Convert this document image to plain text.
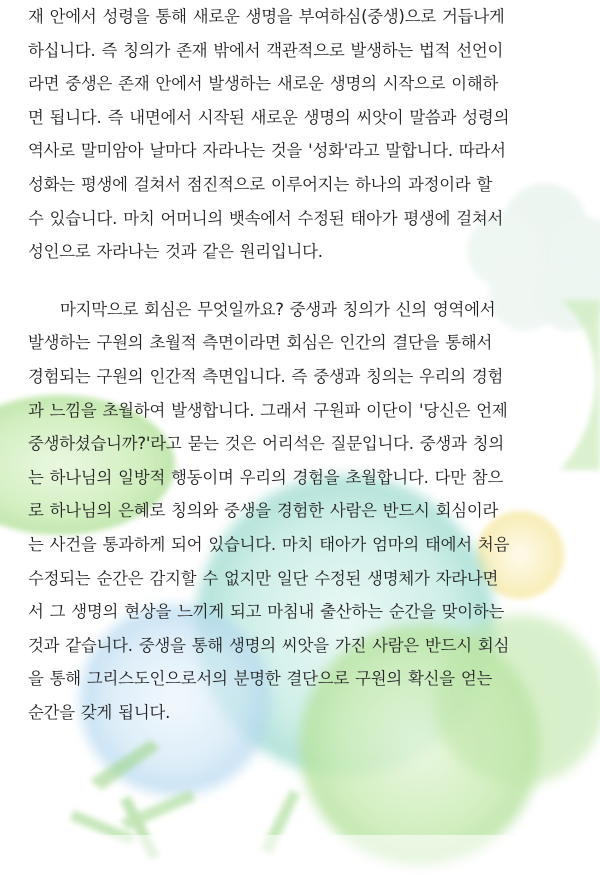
재 안에서 성령을 통해 새로운 생명을 부여하심(중생)으로 거듭나게
하십니다. 즉 칭의가 존재 밖에서 객관적으로 발생하는 법적 선언이
라면 중생은 존재 안에서 발생하는 새로운 생명의 시작으로 이해하
면 됩니다. 즉 내면에서 시작된 새로운 생명의 씨앗이 말씀과 성령의
역사로 말미암아 날마다 자라나는 것을 '성화'라고 말합니다. 따라서
성화는 평생에 걸쳐서 점진적으로 이루어지는 하나의 과정이라 할
수 있습니다. 마치 어머니의 뱃속에서 수정된 태아가 평생에 걸쳐서
성인으로 자라나는 것과 같은 원리입니다.
마지막으로 회심은 무엇일까요? 중생과 칭의가 신의 영역에서
발생하는 구원의 초월적 측면이라면 회심은 인간의 결단을 통해서
경험되는 구원의 인간적 측면입니다. 즉 중생과 칭의는 우리의 경험
과 느낌을 초월하여 발생합니다. 그래서 구원파 이단이 '당신은 언제
중생하셨습니까?'라고 묻는 것은 어리석은 질문입니다. 중생과 칭의
는 하나님의 일방적 행동이며 우리의 경험을 초월합니다. 다만 참으
로 하나님의 은혜로 칭의와 중생을 경험한 사람은 반드시 회심이라
는 사건을 통과하게 되어 있습니다. 마치 태아가 엄마의 태에서 처음
수정되는 순간은 감지할 수 없지만 일단 수정된 생명체가 자라나면
서 그 생명의 현상을 느끼게 되고 마침내 출산하는 순간을 맞이하는
것과 같습니다. 중생을 통해 생명의 씨앗을 가진 사람은 반드시 회심
을 통해 그리스도인으로서의 분명한 결단으로 구원의 확신을 얻는
순간을 갖게 됩니다.
